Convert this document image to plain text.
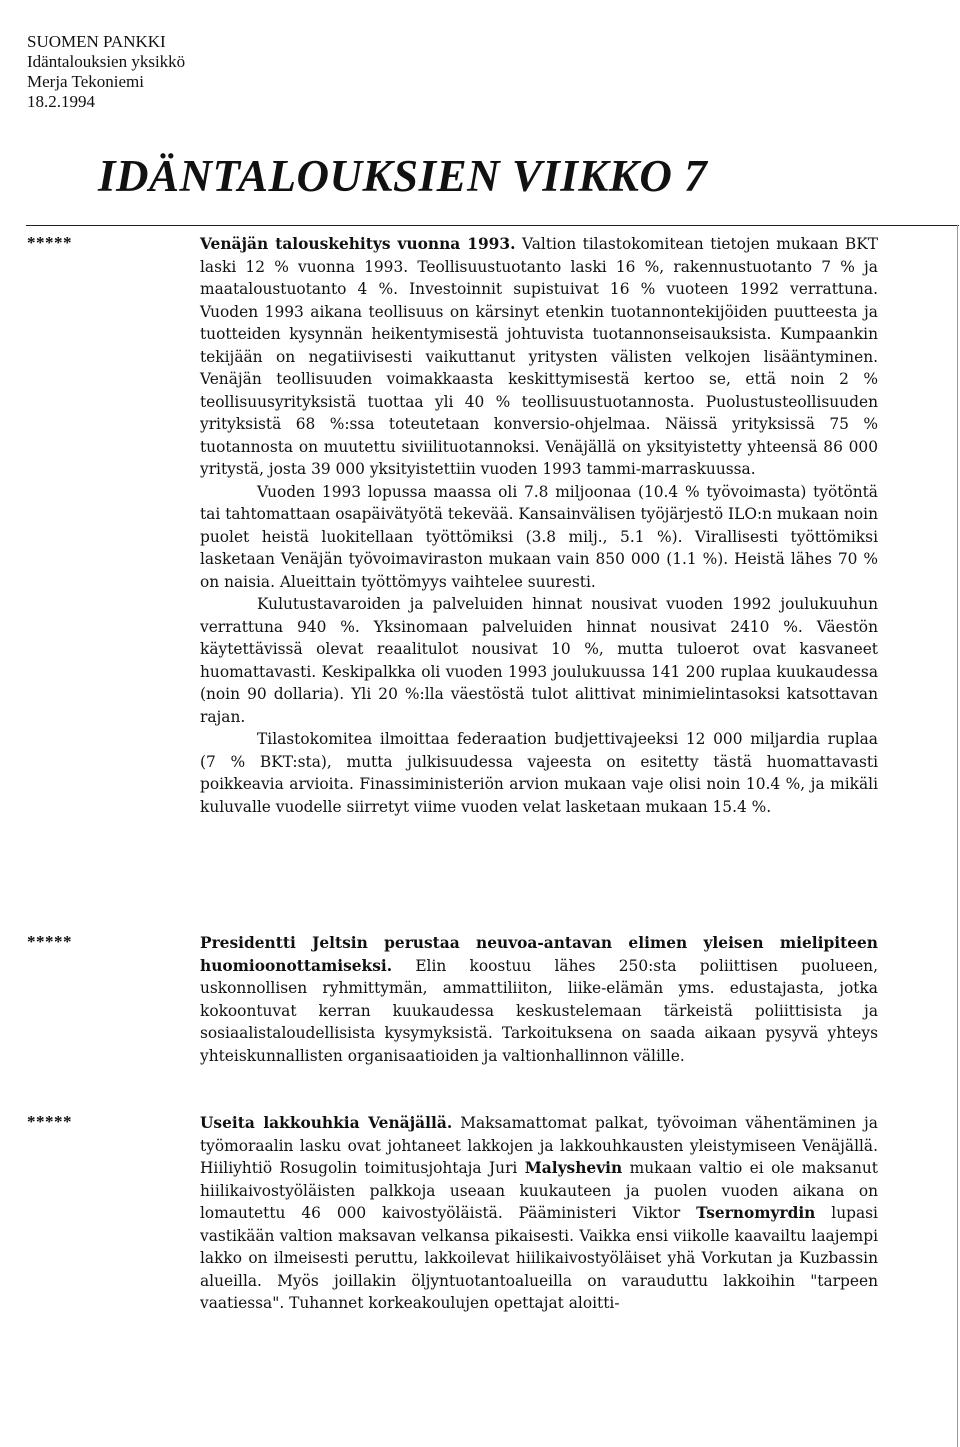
SUOMEN PANKKI
Idäntalouksien yksikkö
Merja Tekoniemi
18.2.1994
IDÄNTALOUKSIEN VIIKKO 7
*****	Venäjän talouskehitys vuonna 1993. Valtion tilastokomitean tietojen mukaan BKT laski 12 % vuonna 1993. Teollisuustuotanto laski 16 %, rakennustuotanto 7 % ja maataloustuotanto 4 %. Investoinnit supistuivat 16 % vuoteen 1992 verrattuna. Vuoden 1993 aikana teollisuus on kärsinyt etenkin tuotannontekijöiden puutteesta ja tuotteiden kysynnän heikentymisestä johtuvista tuotannonseisauksista. Kumpaankin tekijään on negatiivisesti vaikuttanut yritysten välisten velkojen lisääntyminen. Venäjän teollisuuden voimakkaasta keskittymisestä kertoo se, että noin 2 % teollisuusyrityksistä tuottaa yli 40 % teollisuustuotannosta. Puolustusteollisuuden yrityksistä 68 %:ssa toteutetaan konversio-ohjelmaa. Näissä yrityksissä 75 % tuotannosta on muutettu siviilituotannoksi. Venäjällä on yksityistetty yhteensä 86 000 yritystä, josta 39 000 yksityistettiin vuoden 1993 tammi-marraskuussa.

Vuoden 1993 lopussa maassa oli 7.8 miljoonaa (10.4 % työvoimasta) työtöntä tai tahtomattaan osapäivätyötä tekevää. Kansainvälisen työjärjestö ILO:n mukaan noin puolet heistä luokitellaan työttömiksi (3.8 milj., 5.1 %). Virallisesti työttömiksi lasketaan Venäjän työvoimaviraston mukaan vain 850 000 (1.1 %). Heistä lähes 70 % on naisia. Alueittain työttömyys vaihtelee suuresti.

Kulutustavaroiden ja palveluiden hinnat nousivat vuoden 1992 joulukuuhun verrattuna 940 %. Yksinomaan palveluiden hinnat nousivat 2410 %. Väestön käytettävissä olevat reaalitulot nousivat 10 %, mutta tuloerot ovat kasvaneet huomattavasti. Keskipalkka oli vuoden 1993 joulukuussa 141 200 ruplaa kuukaudessa (noin 90 dollaria). Yli 20 %:lla väestöstä tulot alittivat minimielintasoksi katsottavan rajan.

Tilastokomitea ilmoittaa federaation budjettivajeeksi 12 000 miljardia ruplaa (7 % BKT:sta), mutta julkisuudessa vajeesta on esitetty tästä huomattavasti poikkeavia arvioita. Finassiministeriön arvion mukaan vaje olisi noin 10.4 %, ja mikäli kuluvalle vuodelle siirretyt viime vuoden velat lasketaan mukaan 15.4 %.

*****	Presidentti Jeltsin perustaa neuvoa-antavan elimen yleisen mielipiteen huomioonottamiseksi. Elin koostuu lähes 250:sta poliittisen puolueen, uskonnollisen ryhmittymän, ammattiliiton, liike-elämän yms. edustajasta, jotka kokoontuvat kerran kuukaudessa keskustelemaan tärkeistä poliittisista ja sosiaalistaloudellisista kysymyksistä. Tarkoituksena on saada aikaan pysyvä yhteys yhteiskunnallisten organisaatioiden ja valtionhallinnon välille.

*****	Useita lakkouhkia Venäjällä. Maksamattomat palkat, työvoiman vähentäminen ja työmoraalin lasku ovat johtaneet lakkojen ja lakkouhkausten yleistymiseen Venäjällä. Hiiliyhtiö Rosugolin toimitusjohtaja Juri Malyshevin mukaan valtio ei ole maksanut hiilikaivostyöläisten palkkoja useaan kuukauteen ja puolen vuoden aikana on lomautettu 46 000 kaivostyöläistä. Pääministeri Viktor Tsernomyrdin lupasi vastikään valtion maksavan velkansa pikaisesti. Vaikka ensi viikolle kaavailtu laajempi lakko on ilmeisesti peruttu, lakkoilevat hiilikaivostyöläiset yhä Vorkutan ja Kuzbassin alueilla. Myös joillakin öljyntuotantoalueilla on varauduttu lakkoihin "tarpeen vaatiessa". Tuhannet korkeakoulujen opettajat aloitti-
